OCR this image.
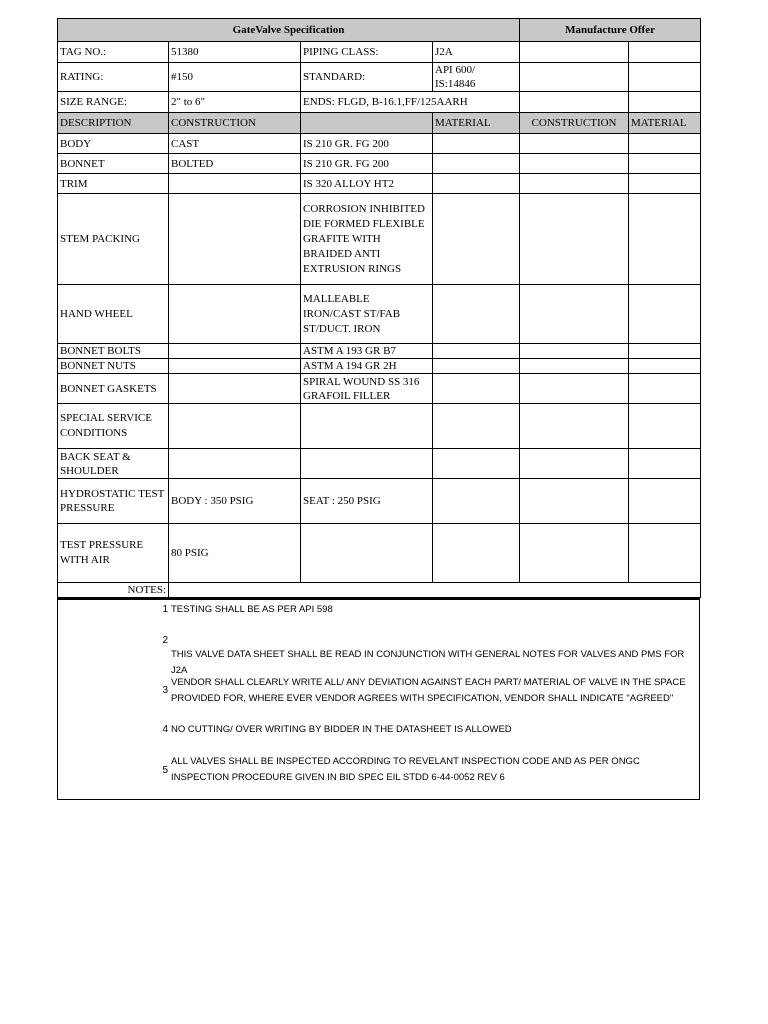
GateValve Specification				Manufacture Offer	
TAG NO.:	51380	PIPING CLASS:	J2A		
RATING:	#150	STANDARD:	API 600/ IS:14846		
SIZE RANGE:	2" to 6"	ENDS: FLGD, B-16.1,FF/125AARH			
DESCRIPTION	CONSTRUCTION		MATERIAL	CONSTRUCTION	MATERIAL
BODY	CAST	IS 210 GR. FG 200			
BONNET	BOLTED	IS 210 GR. FG 200			
TRIM		IS 320 ALLOY HT2			
STEM PACKING		CORROSION INHIBITED DIE FORMED FLEXIBLE GRAFITE WITH BRAIDED ANTI EXTRUSION RINGS			
HAND WHEEL		MALLEABLE IRON/CAST ST/FAB ST/DUCT. IRON			
BONNET BOLTS		ASTM A 193 GR B7			
BONNET NUTS		ASTM A 194 GR 2H			
BONNET GASKETS		SPIRAL WOUND SS 316 GRAFOIL FILLER			
SPECIAL SERVICE CONDITIONS					
BACK SEAT & SHOULDER					
HYDROSTATIC TEST PRESSURE	BODY : 350 PSIG	SEAT : 250 PSIG			
TEST PRESSURE WITH AIR	80 PSIG				
NOTES:					
1 TESTING SHALL BE AS PER API 598
2
THIS VALVE DATA SHEET SHALL BE READ IN CONJUNCTION WITH GENERAL NOTES FOR VALVES AND PMS FOR J2A
3
VENDOR SHALL CLEARLY WRITE ALL/ ANY DEVIATION AGAINST EACH PART/ MATERIAL OF VALVE IN THE SPACE PROVIDED FOR, WHERE EVER VENDOR AGREES WITH SPECIFICATION, VENDOR SHALL INDICATE "AGREED"
4 NO CUTTING/ OVER WRITING BY BIDDER IN THE DATASHEET IS ALLOWED
5
ALL VALVES SHALL BE INSPECTED ACCORDING TO REVELANT INSPECTION CODE AND AS PER ONGC INSPECTION PROCEDURE GIVEN IN BID SPEC EIL STDD 6-44-0052 REV 6
